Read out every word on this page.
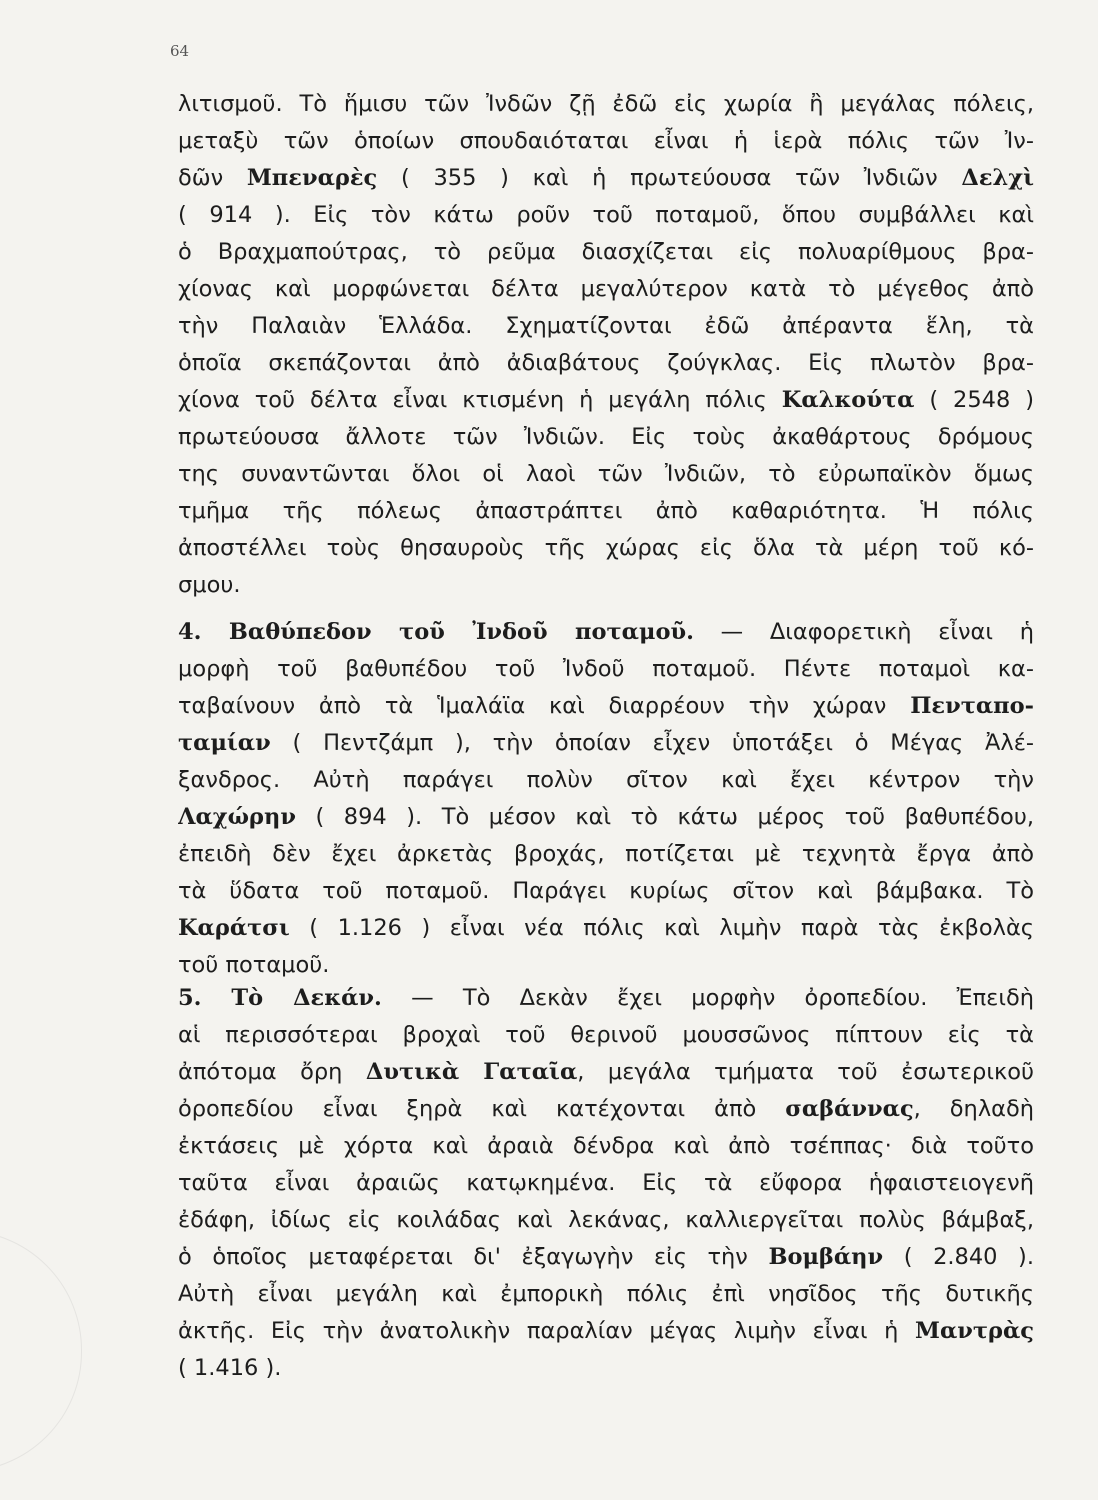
64
λιτισμοῦ. Τὸ ἥμισυ τῶν Ἰνδῶν ζῇ ἐδῶ εἰς χωρία ἢ μεγάλας πόλεις,
μεταξὺ τῶν ὁποίων σπουδαιόταται εἶναι ἡ ἱερὰ πόλις τῶν Ἰν-
δῶν Μπεναρὲς ( 355 ) καὶ ἡ πρωτεύουσα τῶν Ἰνδιῶν Δελχὶ
( 914 ). Εἰς τὸν κάτω ροῦν τοῦ ποταμοῦ, ὅπου συμβάλλει καὶ
ὁ Βραχμαπούτρας, τὸ ρεῦμα διασχίζεται εἰς πολυαρίθμους βρα-
χίονας καὶ μορφώνεται δέλτα μεγαλύτερον κατὰ τὸ μέγεθος ἀπὸ
τὴν Παλαιὰν Ἑλλάδα. Σχηματίζονται ἐδῶ ἀπέραντα ἕλη, τὰ
ὁποῖα σκεπάζονται ἀπὸ ἀδιαβάτους ζούγκλας. Εἰς πλωτὸν βρα-
χίονα τοῦ δέλτα εἶναι κτισμένη ἡ μεγάλη πόλις Καλκούτα ( 2548 )
πρωτεύουσα ἄλλοτε τῶν Ἰνδιῶν. Εἰς τοὺς ἀκαθάρτους δρόμους
της συναντῶνται ὅλοι οἱ λαοὶ τῶν Ἰνδιῶν, τὸ εὐρωπαϊκὸν ὅμως
τμῆμα τῆς πόλεως ἀπαστράπτει ἀπὸ καθαριότητα. Ἡ πόλις
ἀποστέλλει τοὺς θησαυροὺς τῆς χώρας εἰς ὅλα τὰ μέρη τοῦ κό-
σμου.
4. Βαθύπεδον τοῦ Ἰνδοῦ ποταμοῦ. — Διαφορετικὴ εἶναι ἡ
μορφὴ τοῦ βαθυπέδου τοῦ Ἰνδοῦ ποταμοῦ. Πέντε ποταμοὶ κα-
ταβαίνουν ἀπὸ τὰ Ἱμαλάϊα καὶ διαρρέουν τὴν χώραν Πενταπο-
ταμίαν ( Πεντζάμπ ), τὴν ὁποίαν εἶχεν ὑποτάξει ὁ Μέγας Ἀλέ-
ξανδρος. Αὐτὴ παράγει πολὺν σῖτον καὶ ἔχει κέντρον τὴν
Λαχώρην ( 894 ). Τὸ μέσον καὶ τὸ κάτω μέρος τοῦ βαθυπέδου,
ἐπειδὴ δὲν ἔχει ἀρκετὰς βροχάς, ποτίζεται μὲ τεχνητὰ ἔργα ἀπὸ
τὰ ὕδατα τοῦ ποταμοῦ. Παράγει κυρίως σῖτον καὶ βάμβακα. Τὸ
Καράτσι ( 1.126 ) εἶναι νέα πόλις καὶ λιμὴν παρὰ τὰς ἐκβολὰς
τοῦ ποταμοῦ.
5. Τὸ Δεκάν. — Τὸ Δεκὰν ἔχει μορφὴν ὀροπεδίου. Ἐπειδὴ
αἱ περισσότεραι βροχαὶ τοῦ θερινοῦ μουσσῶνος πίπτουν εἰς τὰ
ἀπότομα ὄρη Δυτικὰ Γαταῖα, μεγάλα τμήματα τοῦ ἐσωτερικοῦ
ὀροπεδίου εἶναι ξηρὰ καὶ κατέχονται ἀπὸ σαβάννας, δηλαδὴ
ἐκτάσεις μὲ χόρτα καὶ ἀραιὰ δένδρα καὶ ἀπὸ τσέππας· διὰ τοῦτο
ταῦτα εἶναι ἀραιῶς κατῳκημένα. Εἰς τὰ εὔφορα ἡφαιστειογενῆ
ἐδάφη, ἰδίως εἰς κοιλάδας καὶ λεκάνας, καλλιεργεῖται πολὺς βάμβαξ,
ὁ ὁποῖος μεταφέρεται δι' ἐξαγωγὴν εἰς τὴν Βομβάην ( 2.840 ).
Αὐτὴ εἶναι μεγάλη καὶ ἐμπορικὴ πόλις ἐπὶ νησῖδος τῆς δυτικῆς
ἀκτῆς. Εἰς τὴν ἀνατολικὴν παραλίαν μέγας λιμὴν εἶναι ἡ Μαντρὰς
( 1.416 ).
